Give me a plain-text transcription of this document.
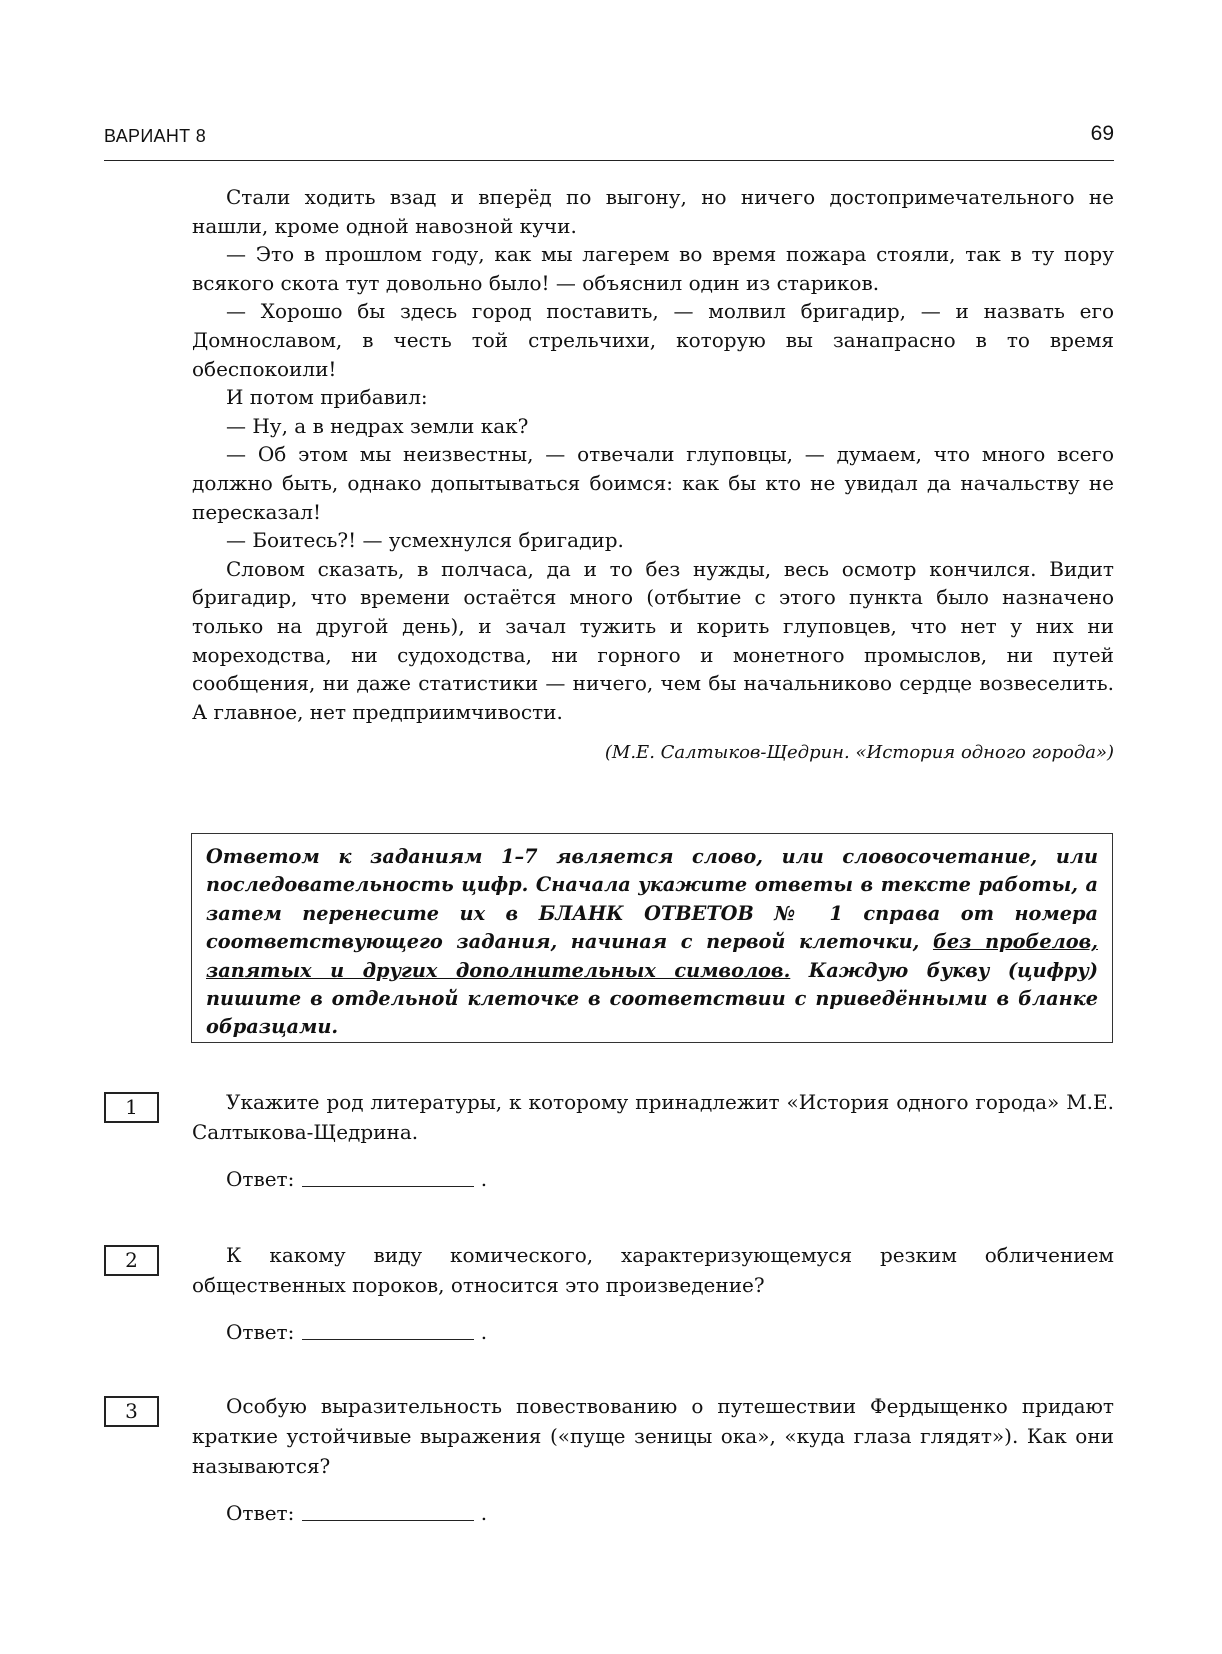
ВАРИАНТ 8	69

Стали ходить взад и вперёд по выгону, но ничего достопримечательного не нашли, кроме одной навозной кучи.

— Это в прошлом году, как мы лагерем во время пожара стояли, так в ту пору всякого скота тут довольно было! — объяснил один из стариков.

— Хорошо бы здесь город поставить, — молвил бригадир, — и назвать его Домнославом, в честь той стрельчихи, которую вы занапрасно в то время обеспокоили!

И потом прибавил:

— Ну, а в недрах земли как?

— Об этом мы неизвестны, — отвечали глуповцы, — думаем, что много всего должно быть, однако допытываться боимся: как бы кто не увидал да начальству не пересказал!

— Боитесь?! — усмехнулся бригадир.

Словом сказать, в полчаса, да и то без нужды, весь осмотр кончился. Видит бригадир, что времени остаётся много (отбытие с этого пункта было назначено только на другой день), и зачал тужить и корить глуповцев, что нет у них ни мореходства, ни судоходства, ни горного и монетного промыслов, ни путей сообщения, ни даже статистики — ничего, чем бы начальниково сердце возвеселить. А главное, нет предприимчивости.

(М.Е. Салтыков-Щедрин. «История одного города»)
Ответом к заданиям 1–7 является слово, или словосочетание, или последовательность цифр. Сначала укажите ответы в тексте работы, а затем перенесите их в БЛАНК ОТВЕТОВ № 1 справа от номера соответствующего задания, начиная с первой клеточки, без пробелов, запятых и других дополнительных символов. Каждую букву (цифру) пишите в отдельной клеточке в соответствии с приведёнными в бланке образцами.
1	Укажите род литературы, к которому принадлежит «История одного города» М.Е. Салтыкова-Щедрина.

Ответ:	.
2	К какому виду комического, характеризующемуся резким обличением общественных пороков, относится это произведение?

Ответ:	.
3	Особую выразительность повествованию о путешествии Фердыщенко придают краткие устойчивые выражения («пуще зеницы ока», «куда глаза глядят»). Как они называются?

Ответ:	.
